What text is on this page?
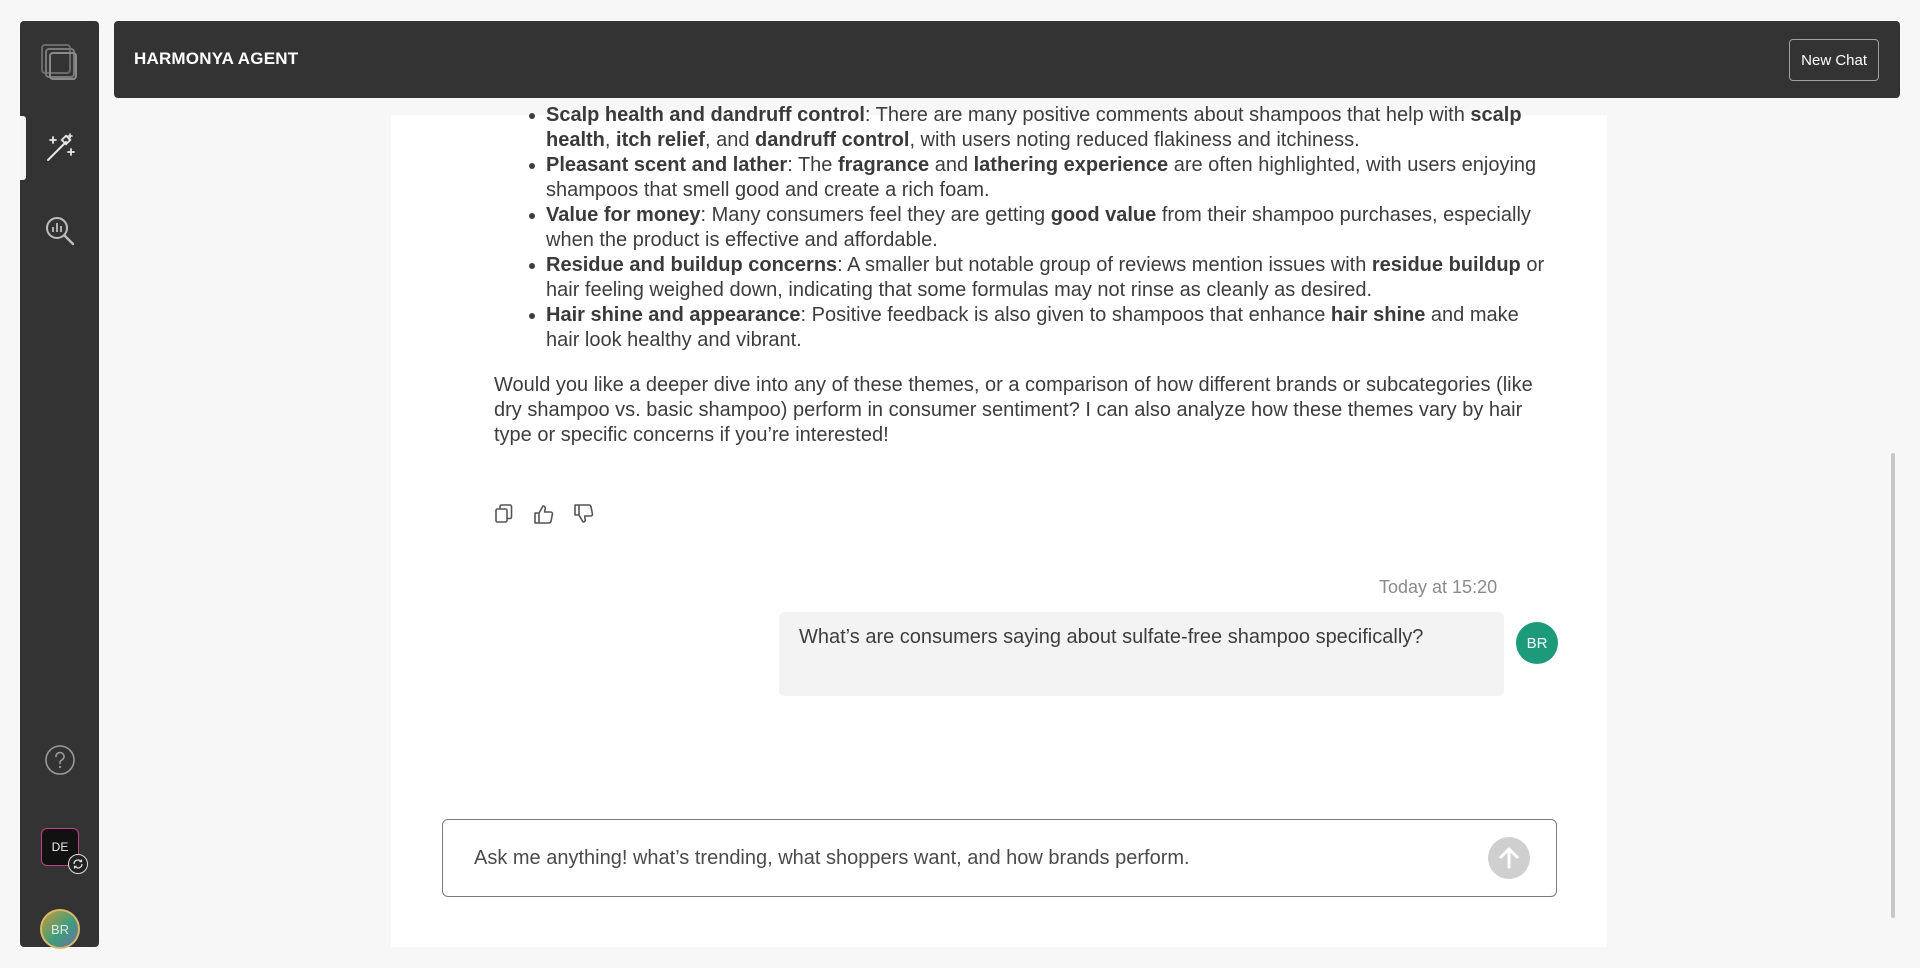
DE
BR
HARMONYA AGENT	New Chat
Scalp health and dandruff control: There are many positive comments about shampoos that help with scalp health, itch relief, and dandruff control, with users noting reduced flakiness and itchiness.
Pleasant scent and lather: The fragrance and lathering experience are often highlighted, with users enjoying shampoos that smell good and create a rich foam.
Value for money: Many consumers feel they are getting good value from their shampoo purchases, especially when the product is effective and affordable.
Residue and buildup concerns: A smaller but notable group of reviews mention issues with residue buildup or hair feeling weighed down, indicating that some formulas may not rinse as cleanly as desired.
Hair shine and appearance: Positive feedback is also given to shampoos that enhance hair shine and make hair look healthy and vibrant.

Would you like a deeper dive into any of these themes, or a comparison of how different brands or subcategories (like dry shampoo vs. basic shampoo) perform in consumer sentiment? I can also analyze how these themes vary by hair type or specific concerns if you’re interested!

Today at 15:20
What’s are consumers saying about sulfate-free shampoo specifically?	BR
Ask me anything! what’s trending, what shoppers want, and how brands perform.
